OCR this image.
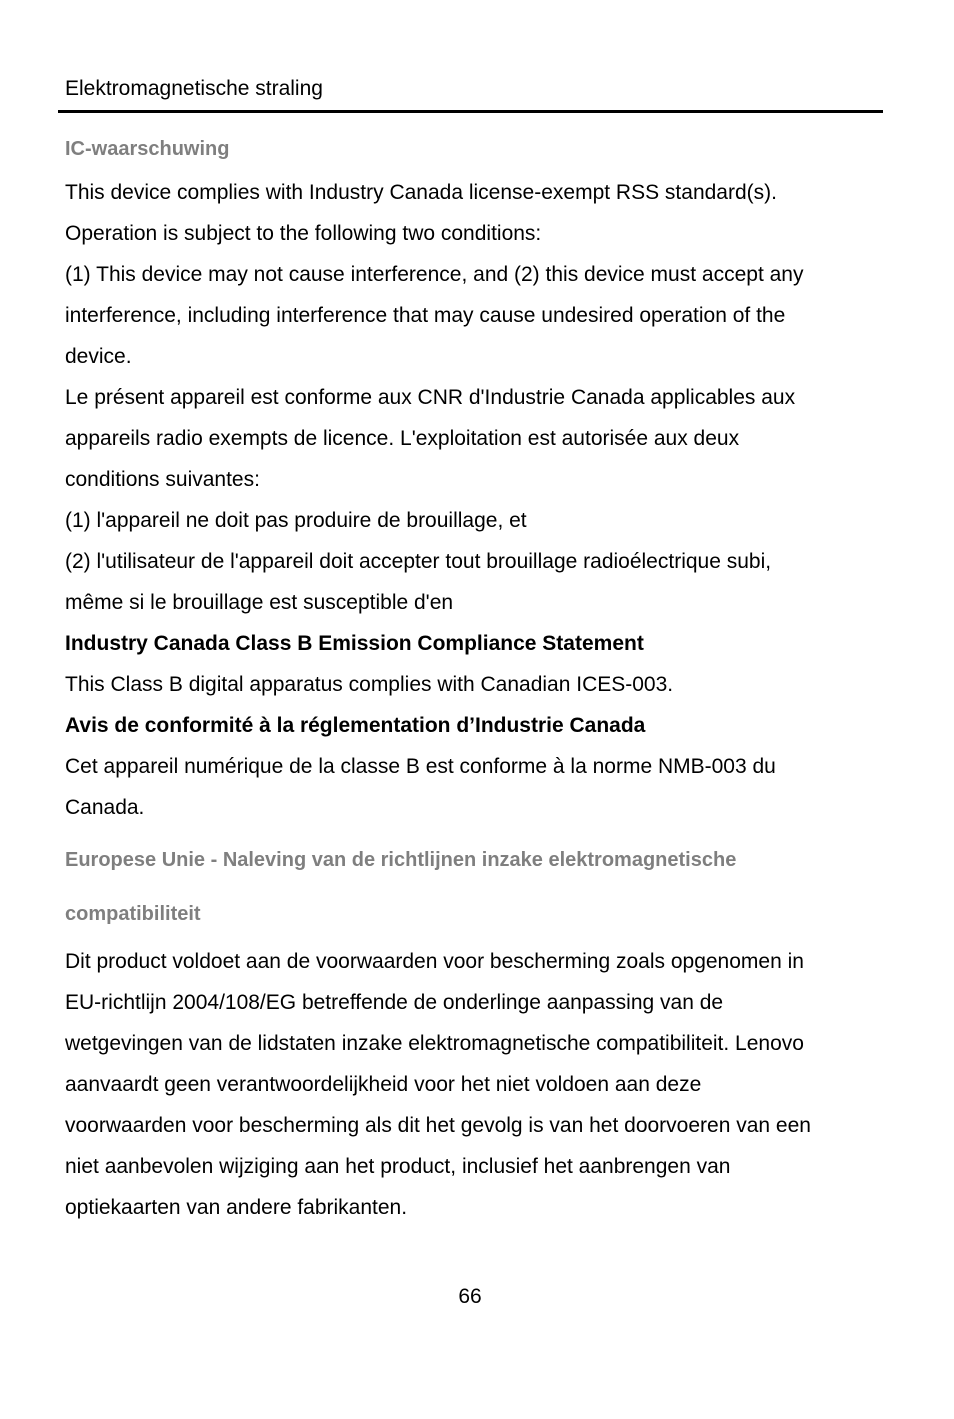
Elektromagnetische straling
IC-waarschuwing
This device complies with Industry Canada license-exempt RSS standard(s).
Operation is subject to the following two conditions:
(1) This device may not cause interference, and (2) this device must accept any
interference, including interference that may cause undesired operation of the
device.
Le présent appareil est conforme aux CNR d'Industrie Canada applicables aux
appareils radio exempts de licence. L'exploitation est autorisée aux deux
conditions suivantes:
(1) l'appareil ne doit pas produire de brouillage, et
(2) l'utilisateur de l'appareil doit accepter tout brouillage radioélectrique subi,
même si le brouillage est susceptible d'en
Industry Canada Class B Emission Compliance Statement
This Class B digital apparatus complies with Canadian ICES-003.
Avis de conformité à la réglementation d’Industrie Canada
Cet appareil numérique de la classe B est conforme à la norme NMB-003 du
Canada.
Europese Unie - Naleving van de richtlijnen inzake elektromagnetische
compatibiliteit
Dit product voldoet aan de voorwaarden voor bescherming zoals opgenomen in
EU-richtlijn 2004/108/EG betreffende de onderlinge aanpassing van de
wetgevingen van de lidstaten inzake elektromagnetische compatibiliteit. Lenovo
aanvaardt geen verantwoordelijkheid voor het niet voldoen aan deze
voorwaarden voor bescherming als dit het gevolg is van het doorvoeren van een
niet aanbevolen wijziging aan het product, inclusief het aanbrengen van
optiekaarten van andere fabrikanten.
66
